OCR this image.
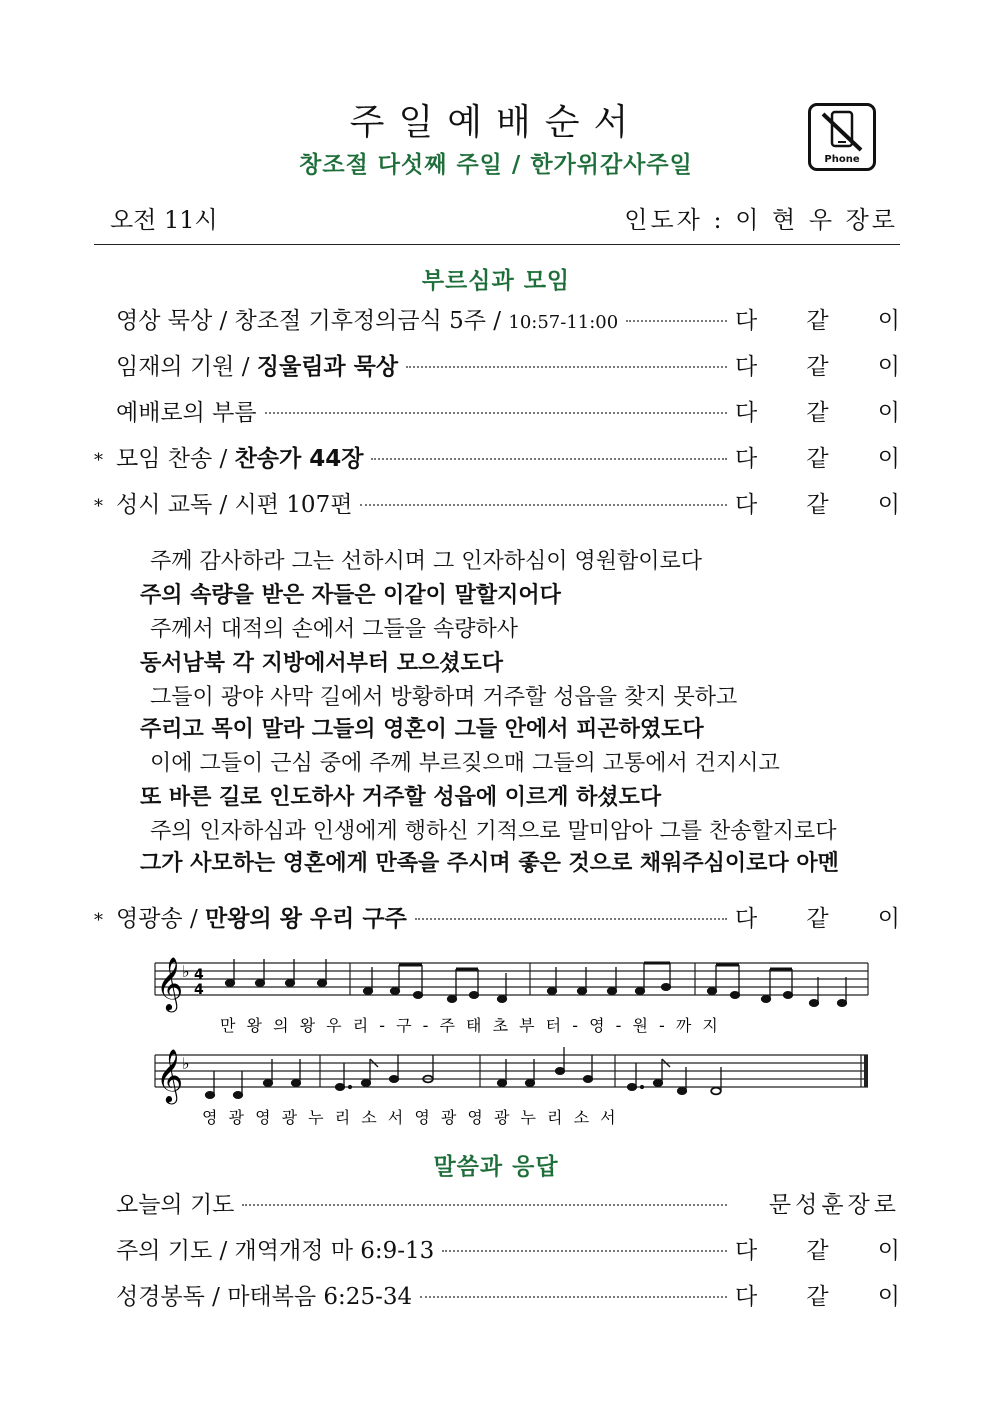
주일예배순서
창조절 다섯째 주일 / 한가위감사주일	Phone
오전 11시	인도자 : 이 현 우 장로
부르심과 모임
영상 묵상 / 창조절 기후정의금식 5주 / 10:57-11:00	다 같 이
임재의 기원 / 징울림과 묵상	다 같 이
예배로의 부름	다 같 이
* 모임 찬송 / 찬송가 44장	다 같 이
* 성시 교독 / 시편 107편	다 같 이
주께 감사하라 그는 선하시며 그 인자하심이 영원함이로다
주의 속량을 받은 자들은 이같이 말할지어다
주께서 대적의 손에서 그들을 속량하사
동서남북 각 지방에서부터 모으셨도다
그들이 광야 사막 길에서 방황하며 거주할 성읍을 찾지 못하고
주리고 목이 말라 그들의 영혼이 그들 안에서 피곤하였도다
이에 그들이 근심 중에 주께 부르짖으매 그들의 고통에서 건지시고
또 바른 길로 인도하사 거주할 성읍에 이르게 하셨도다
주의 인자하심과 인생에게 행하신 기적으로 말미암아 그를 찬송할지로다
그가 사모하는 영혼에게 만족을 주시며 좋은 것으로 채워주심이로다 아멘
* 영광송 / 만왕의 왕 우리 구주	다 같 이
𝄞
♭ 4
4
만 왕 의 왕 우 리 - 구 - 주 태 초 부 터 - 영 - 원 - 까 지
𝄞
♭
영 광 영 광 누 리 소 서 영 광 영 광 누 리 소 서
말씀과 응답
오늘의 기도	문성훈장로
주의 기도 / 개역개정 마 6:9-13	다 같 이
성경봉독 / 마태복음 6:25-34	다 같 이
